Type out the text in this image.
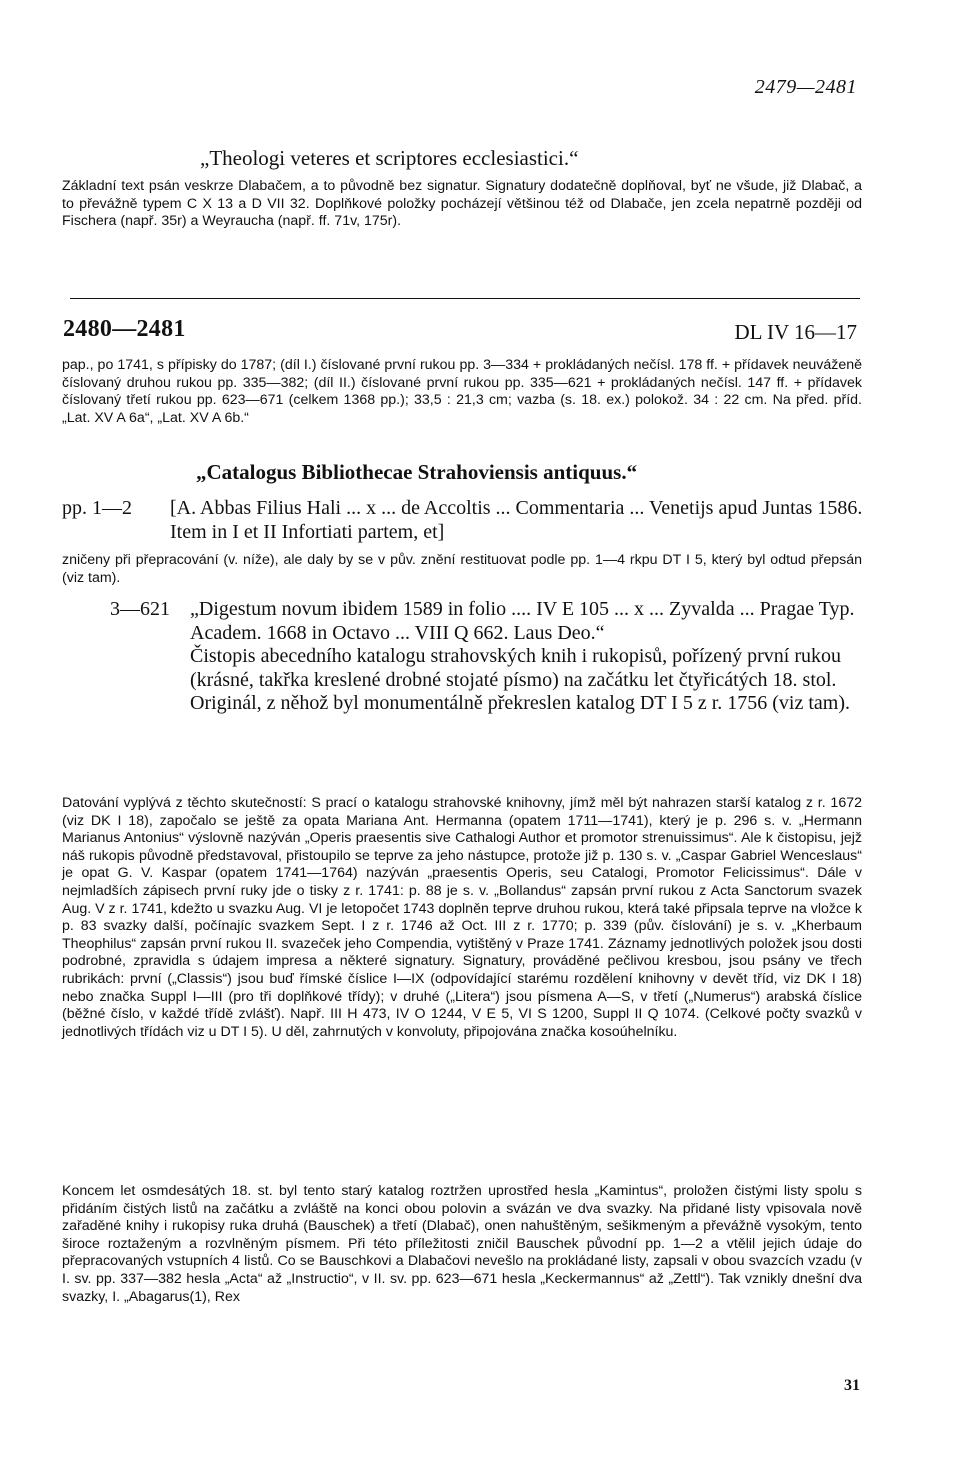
2479—2481
„Theologi veteres et scriptores ecclesiastici.“

Základní text psán veskrze Dlabačem, a to původně bez signatur. Signatury dodatečně doplňoval, byť ne všude, již Dlabač, a to převážně typem C X 13 a D VII 32. Doplňkové položky pocházejí většinou též od Dlabače, jen zcela nepatrně později od Fischera (např. 35r) a Weyraucha (např. ff. 71v, 175r).

2480—2481	DL IV 16—17

pap., po 1741, s přípisky do 1787; (díl I.) číslované první rukou pp. 3—334 + prokládaných nečísl. 178 ff. + přídavek neuváženě číslovaný druhou rukou pp. 335—382; (díl II.) číslované první rukou pp. 335—621 + prokládaných nečísl. 147 ff. + přídavek číslovaný třetí rukou pp. 623—671 (celkem 1368 pp.); 33,5 : 21,3 cm; vazba (s. 18. ex.) polokož. 34 : 22 cm. Na před. příd. „Lat. XV A 6a“, „Lat. XV A 6b.“

„Catalogus Bibliothecae Strahoviensis antiquus.“
pp. 1—2 [A. Abbas Filius Hali ... x ... de Accoltis ... Commentaria ... Venetijs apud Juntas 1586. Item in I et II Infortiati partem, et]

zničeny při přepracování (v. níže), ale daly by se v pův. znění restituovat podle pp. 1—4 rkpu DT I 5, který byl odtud přepsán (viz tam).

3—621 „Digestum novum ibidem 1589 in folio .... IV E 105 ... x ... Zyvalda ... Pragae Typ. Academ. 1668 in Octavo ... VIII Q 662. Laus Deo.“

Čistopis abecedního katalogu strahovských knih i rukopisů, pořízený první rukou (krásné, takřka kreslené drobné stojaté písmo) na začátku let čtyřicátých 18. stol. Originál, z něhož byl monumentálně překreslen katalog DT I 5 z r. 1756 (viz tam).

Datování vyplývá z těchto skutečností: S prací o katalogu strahovské knihovny, jímž měl být nahrazen starší katalog z r. 1672 (viz DK I 18), započalo se ještě za opata Mariana Ant. Hermanna (opatem 1711—1741), který je p. 296 s. v. „Hermann Marianus Antonius“ výslovně nazýván „Operis praesentis sive Cathalogi Author et promotor strenuissimus“. Ale k čistopisu, jejž náš rukopis původně představoval, přistoupilo se teprve za jeho nástupce, protože již p. 130 s. v. „Caspar Gabriel Wenceslaus“ je opat G. V. Kaspar (opatem 1741—1764) nazýván „praesentis Operis, seu Catalogi, Promotor Felicissimus“. Dále v nejmladších zápisech první ruky jde o tisky z r. 1741: p. 88 je s. v. „Bollandus“ zapsán první rukou z Acta Sanctorum svazek Aug. V z r. 1741, kdežto u svazku Aug. VI je letopočet 1743 doplněn teprve druhou rukou, která také připsala teprve na vložce k p. 83 svazky další, počínajíc svazkem Sept. I z r. 1746 až Oct. III z r. 1770; p. 339 (pův. číslování) je s. v. „Kherbaum Theophilus“ zapsán první rukou II. svazeček jeho Compendia, vytištěný v Praze 1741. Záznamy jednotlivých položek jsou dosti podrobné, zpravidla s údajem impresa a některé signatury. Signatury, prováděné pečlivou kresbou, jsou psány ve třech rubrikách: první („Classis“) jsou buď římské číslice I—IX (odpovídající starému rozdělení knihovny v devět tříd, viz DK I 18) nebo značka Suppl I—III (pro tři doplňkové třídy); v druhé („Litera“) jsou písmena A—S, v třetí („Numerus“) arabská číslice (běžné číslo, v každé třídě zvlášť). Např. III H 473, IV O 1244, V E 5, VI S 1200, Suppl II Q 1074. (Celkové počty svazků v jednotlivých třídách viz u DT I 5). U děl, zahrnutých v konvoluty, připojována značka kosoúhelníku.

Koncem let osmdesátých 18. st. byl tento starý katalog roztržen uprostřed hesla „Kamintus“, proložen čistými listy spolu s přidáním čistých listů na začátku a zvláště na konci obou polovin a svázán ve dva svazky. Na přidané listy vpisovala nově zařaděné knihy i rukopisy ruka druhá (Bauschek) a třetí (Dlabač), onen nahuštěným, sešikmeným a převážně vysokým, tento široce roztaženým a rozvlněným písmem. Při této příležitosti zničil Bauschek původní pp. 1—2 a vtělil jejich údaje do přepracovaných vstupních 4 listů. Co se Bauschkovi a Dlabačovi nevešlo na prokládané listy, zapsali v obou svazcích vzadu (v I. sv. pp. 337—382 hesla „Acta“ až „Instructio“, v II. sv. pp. 623—671 hesla „Keckermannus“ až „Zettl“). Tak vznikly dnešní dva svazky, I. „Abagarus(1), Rex

31
